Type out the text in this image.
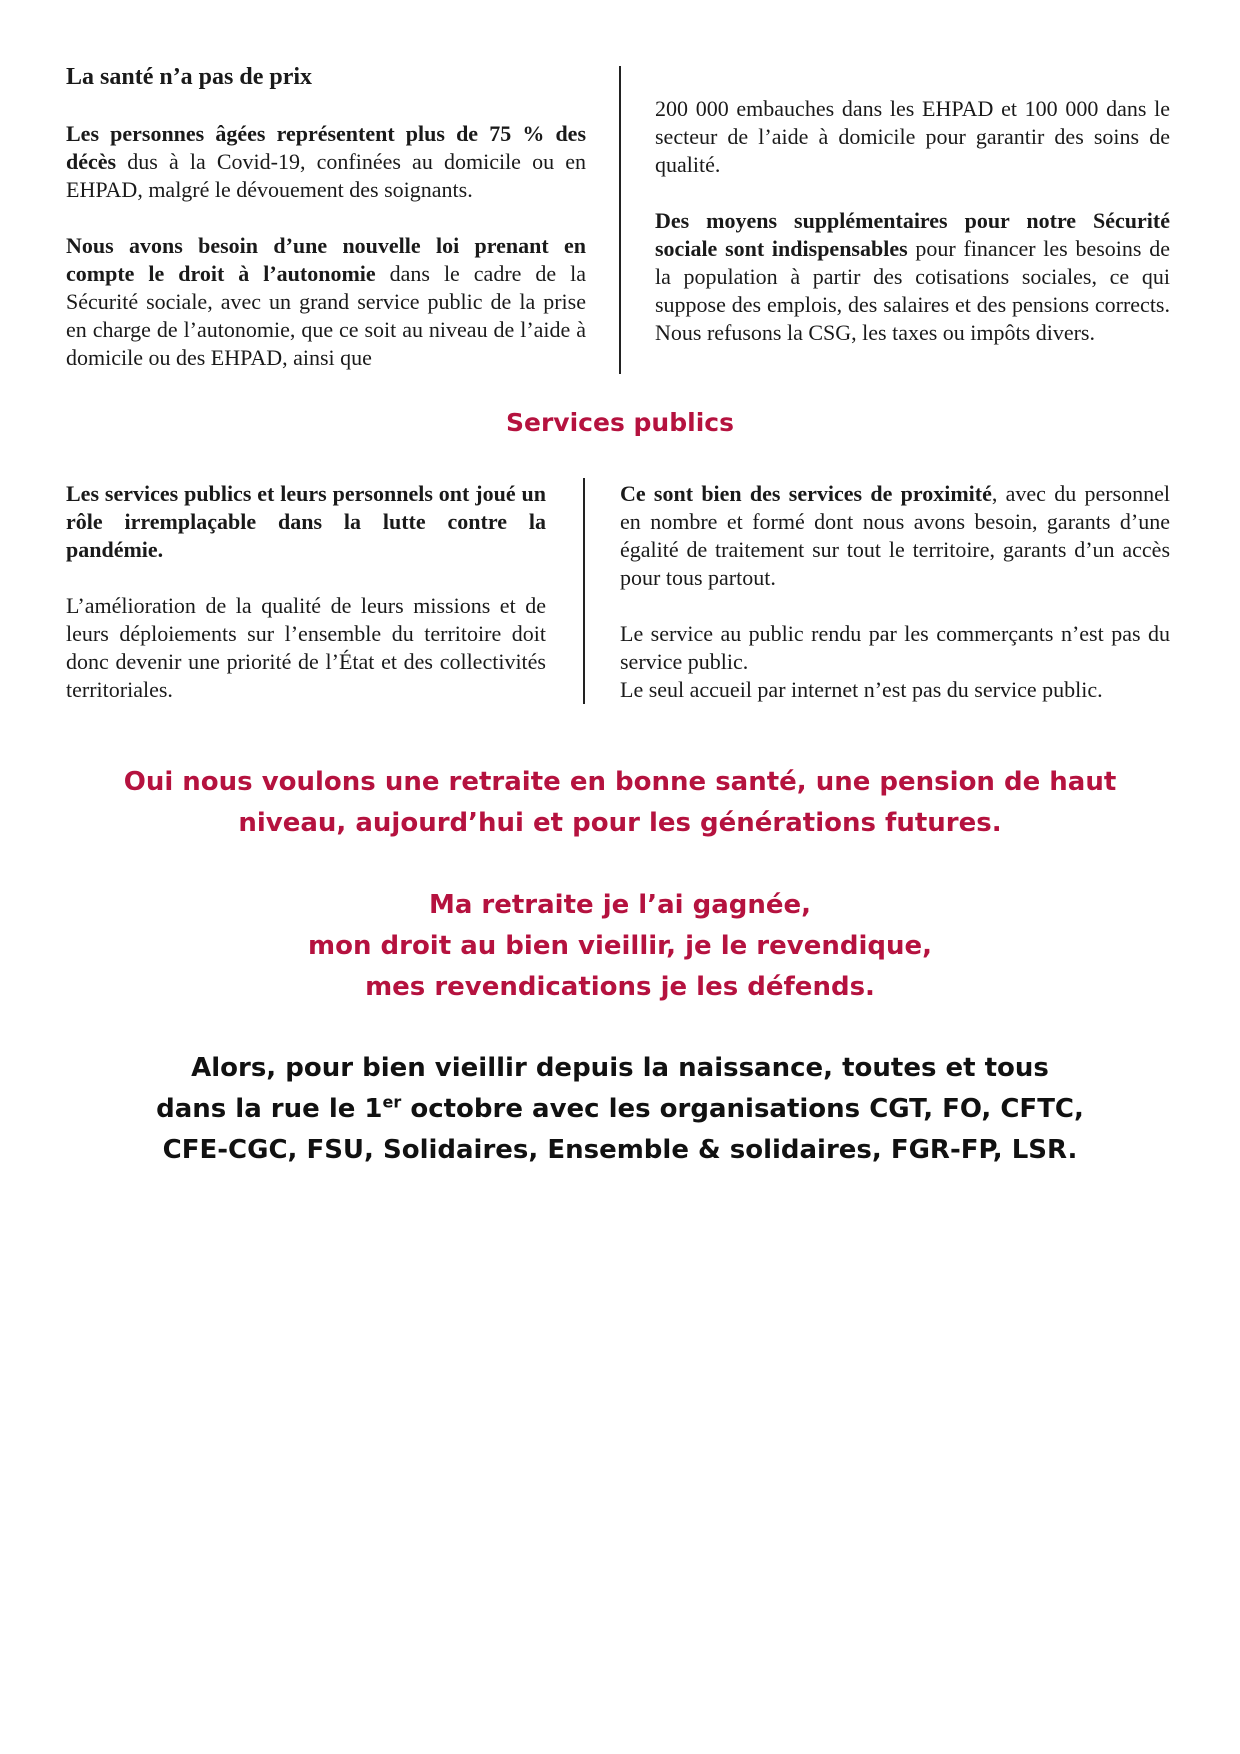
La santé n’a pas de prix

Les personnes âgées représentent plus de 75 % des décès dus à la Covid-19, confinées au domicile ou en EHPAD, malgré le dévouement des soignants.

Nous avons besoin d’une nouvelle loi prenant en compte le droit à l’autonomie dans le cadre de la Sécurité sociale, avec un grand service public de la prise en charge de l’autonomie, que ce soit au niveau de l’aide à domicile ou des EHPAD, ainsi que

200 000 embauches dans les EHPAD et 100 000 dans le secteur de l’aide à domicile pour garantir des soins de qualité.

Des moyens supplémentaires pour notre Sécurité sociale sont indispensables pour financer les besoins de la population à partir des cotisations sociales, ce qui suppose des emplois, des salaires et des pensions corrects. Nous refusons la CSG, les taxes ou impôts divers.

Services publics

Les services publics et leurs personnels ont joué un rôle irremplaçable dans la lutte contre la pandémie.

L’amélioration de la qualité de leurs missions et de leurs déploiements sur l’ensemble du territoire doit donc devenir une priorité de l’État et des collectivités territoriales.

Ce sont bien des services de proximité, avec du personnel en nombre et formé dont nous avons besoin, garants d’une égalité de traitement sur tout le territoire, garants d’un accès pour tous partout.

Le service au public rendu par les commerçants n’est pas du service public.

Le seul accueil par internet n’est pas du service public.

Oui nous voulons une retraite en bonne santé, une pension de haut
niveau, aujourd’hui et pour les générations futures.

Ma retraite je l’ai gagnée,
mon droit au bien vieillir, je le revendique,
mes revendications je les défends.

Alors, pour bien vieillir depuis la naissance, toutes et tous
dans la rue le 1er octobre avec les organisations CGT, FO, CFTC,
CFE-CGC, FSU, Solidaires, Ensemble & solidaires, FGR-FP, LSR.
